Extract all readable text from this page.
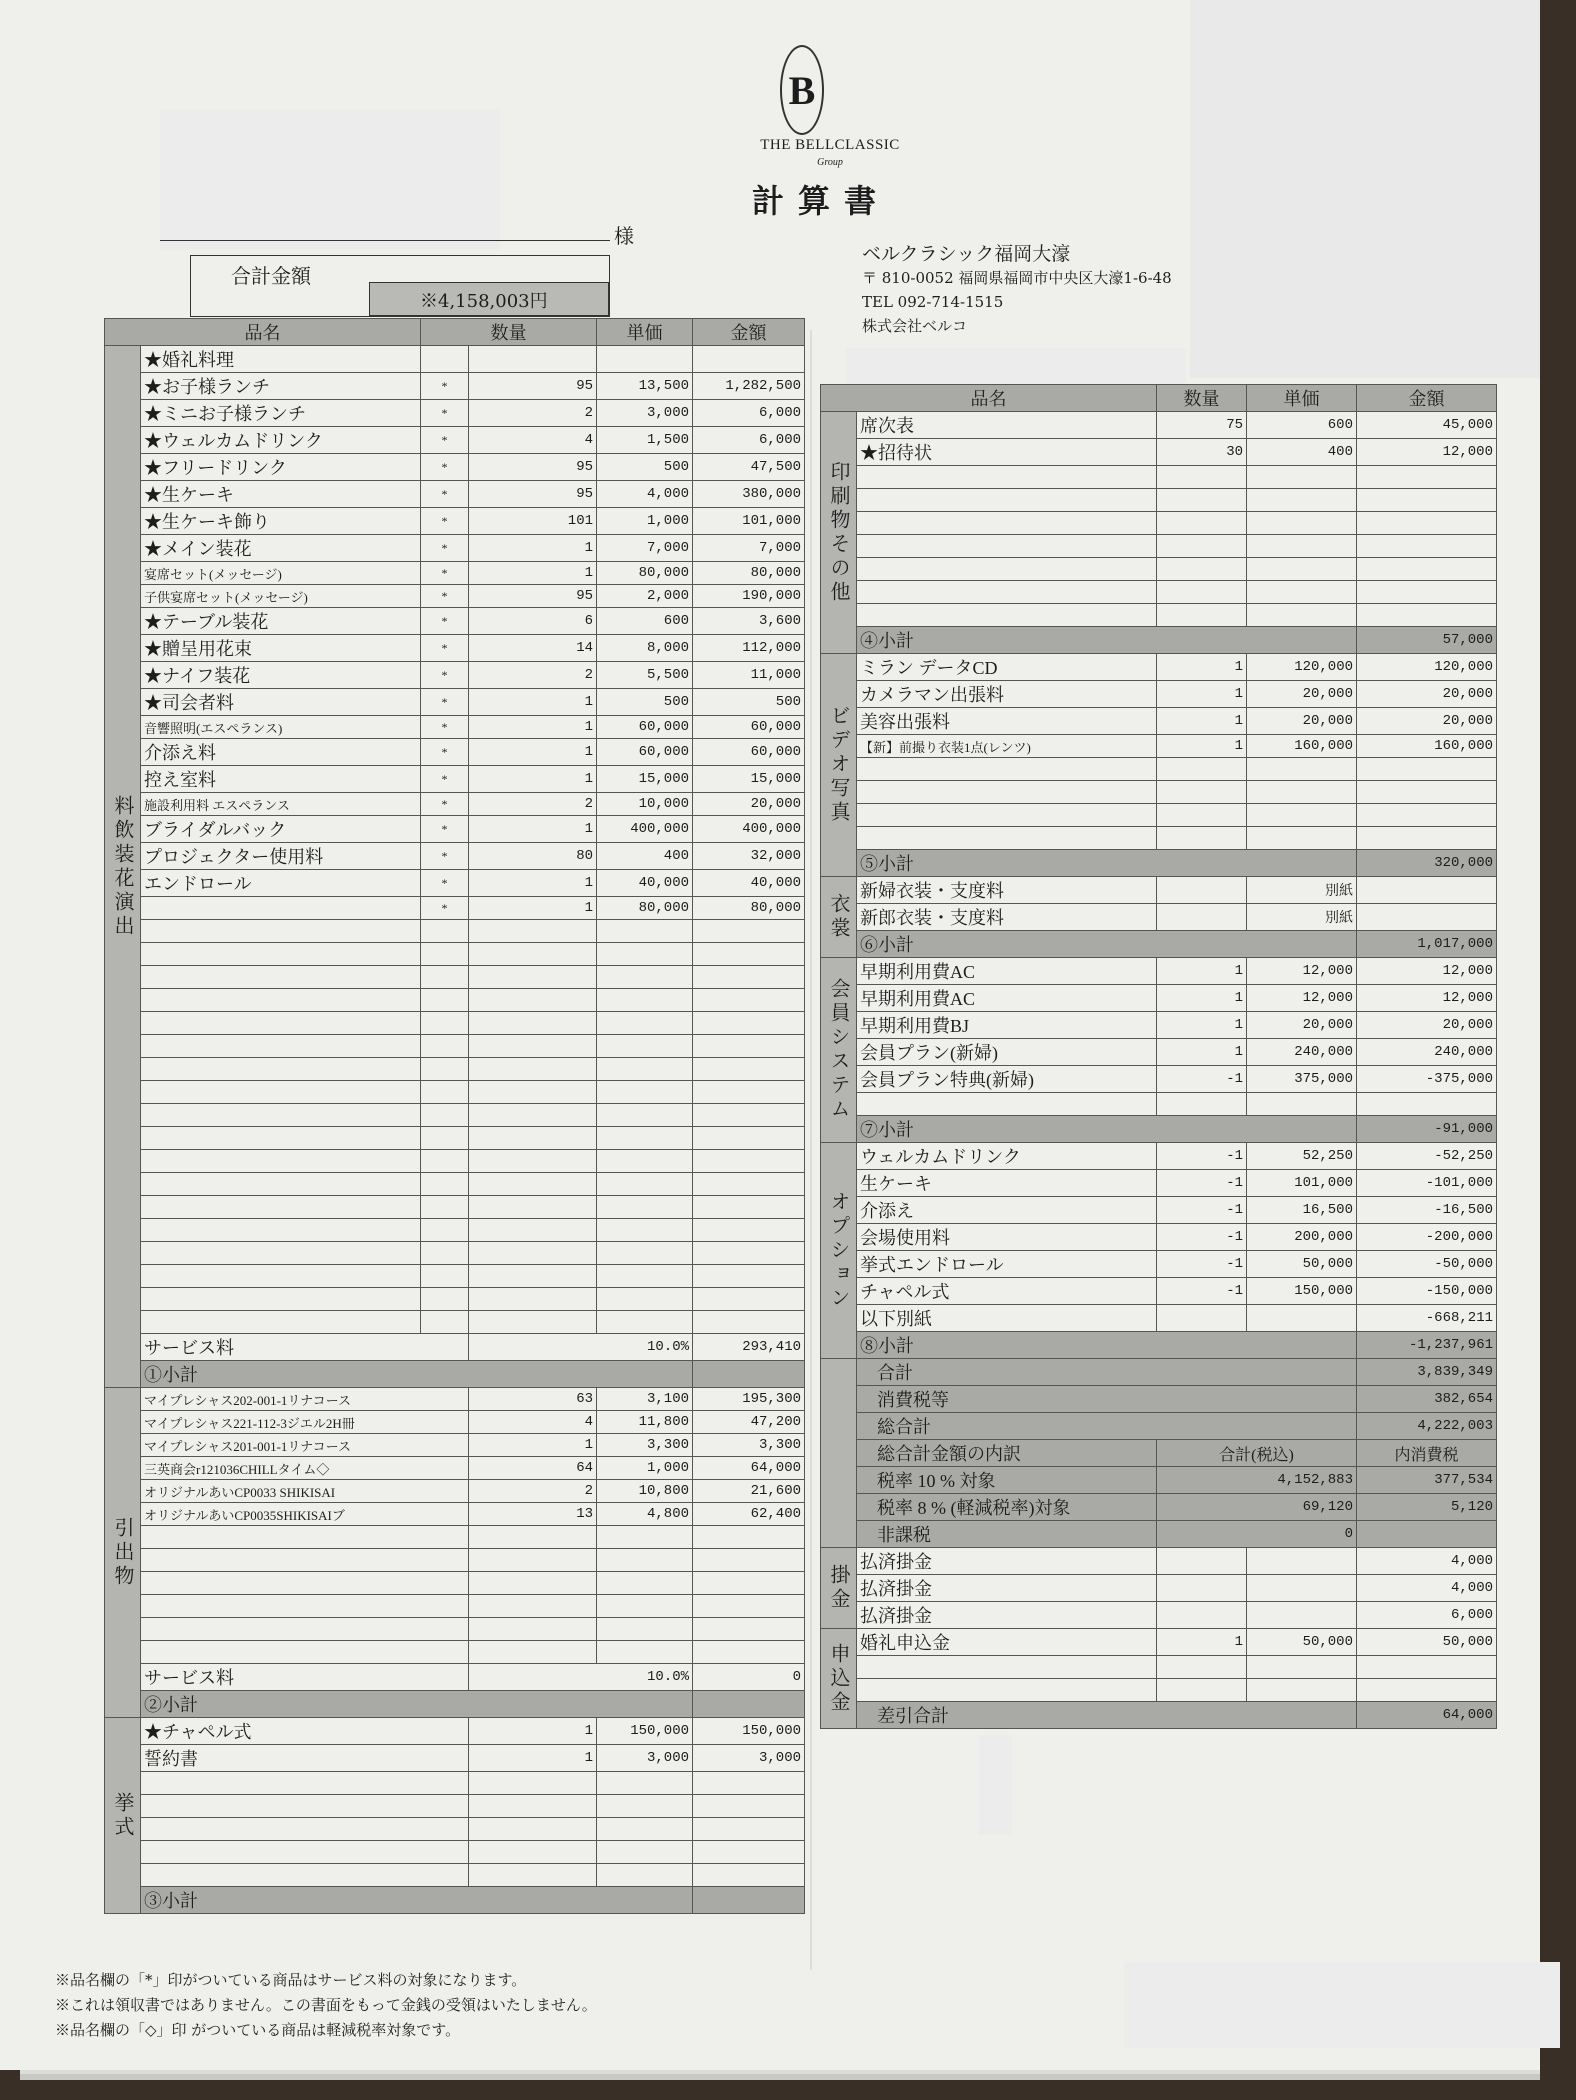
B
THE BELLCLASSIC
Group
計算書
様
合計金額
※4,158,003円
ベルクラシック福岡大濠
〒 810-0052 福岡県福岡市中央区大濠1-6-48
TEL 092-714-1515
株式会社ベルコ
品名		数量		単価	金額	
料飲装花演出	★婚礼料理					
	★お子様ランチ	*	95	13,500	1,282,500	
	★ミニお子様ランチ	*	2	3,000	6,000	
	★ウェルカムドリンク	*	4	1,500	6,000	
	★フリードリンク	*	95	500	47,500	
	★生ケーキ	*	95	4,000	380,000	
	★生ケーキ飾り	*	101	1,000	101,000	
	★メイン装花	*	1	7,000	7,000	
	宴席セット(メッセージ)	*	1	80,000	80,000	
	子供宴席セット(メッセージ)	*	95	2,000	190,000	
	★テーブル装花	*	6	600	3,600	
	★贈呈用花束	*	14	8,000	112,000	
	★ナイフ装花	*	2	5,500	11,000	
	★司会者料	*	1	500	500	
	音響照明(エスペランス)	*	1	60,000	60,000	
	介添え料	*	1	60,000	60,000	
	控え室料	*	1	15,000	15,000	
	施設利用料 エスペランス	*	2	10,000	20,000	
	ブライダルバック	*	1	400,000	400,000	
	プロジェクター使用料	*	80	400	32,000	
	エンドロール	*	1	40,000	40,000	
		*	1	80,000	80,000	

	サービス料		10.0%		293,410	
	①小計		
引出物	マイプレシャス202-001-1リナコース		63	3,100	195,300	
	マイプレシャス221-112-3ジエル2H冊		4	11,800	47,200	
	マイプレシャス201-001-1リナコース		1	3,300	3,300	
	三英商会r121036CHILLタイム◇		64	1,000	64,000	
	オリジナルあいCP0033 SHIKISAI		2	10,800	21,600	
	オリジナルあいCP0035SHIKISAIブ		13	4,800	62,400	

	サービス料		10.0%		0	
	②小計		
挙式	★チャペル式		1	150,000	150,000	
	誓約書		1	3,000	3,000	

	③小計		
品名		数量	単価	金額
印刷物その他	席次表	75	600	45,000
	★招待状	30	400	12,000

	④小計			57,000
ビデオ写真	ミラン データCD	1	120,000	120,000
	カメラマン出張料	1	20,000	20,000
	美容出張料	1	20,000	20,000
	【新】前撮り衣装1点(レンツ)	1	160,000	160,000

	⑤小計			320,000
衣裳	新婦衣装・支度料		別紙	
	新郎衣装・支度料		別紙	
	⑥小計			1,017,000
会員システム	早期利用費AC	1	12,000	12,000
	早期利用費AC	1	12,000	12,000
	早期利用費BJ	1	20,000	20,000
	会員プラン(新婦)	1	240,000	240,000
	会員プラン特典(新婦)	-1	375,000	-375,000

	⑦小計			-91,000
オプション	ウェルカムドリンク	-1	52,250	-52,250
	生ケーキ	-1	101,000	-101,000
	介添え	-1	16,500	-16,500
	会場使用料	-1	200,000	-200,000
	挙式エンドロール	-1	50,000	-50,000
	チャペル式	-1	150,000	-150,000
	以下別紙			-668,211
	⑧小計			-1,237,961
	合計			3,839,349
	消費税等			382,654
	総合計			4,222,003
	総合計金額の内訳	合計(税込)		内消費税
	税率 10 % 対象	4,152,883		377,534
	税率 8 % (軽減税率)対象	69,120		5,120
	非課税	0		
掛金	払済掛金			4,000
	払済掛金			4,000
	払済掛金			6,000
申込金	婚礼申込金	1	50,000	50,000

	差引合計			64,000
※品名欄の「*」印がついている商品はサービス料の対象になります。
※これは領収書ではありません。この書面をもって金銭の受領はいたしません。
※品名欄の「◇」印 がついている商品は軽減税率対象です。
